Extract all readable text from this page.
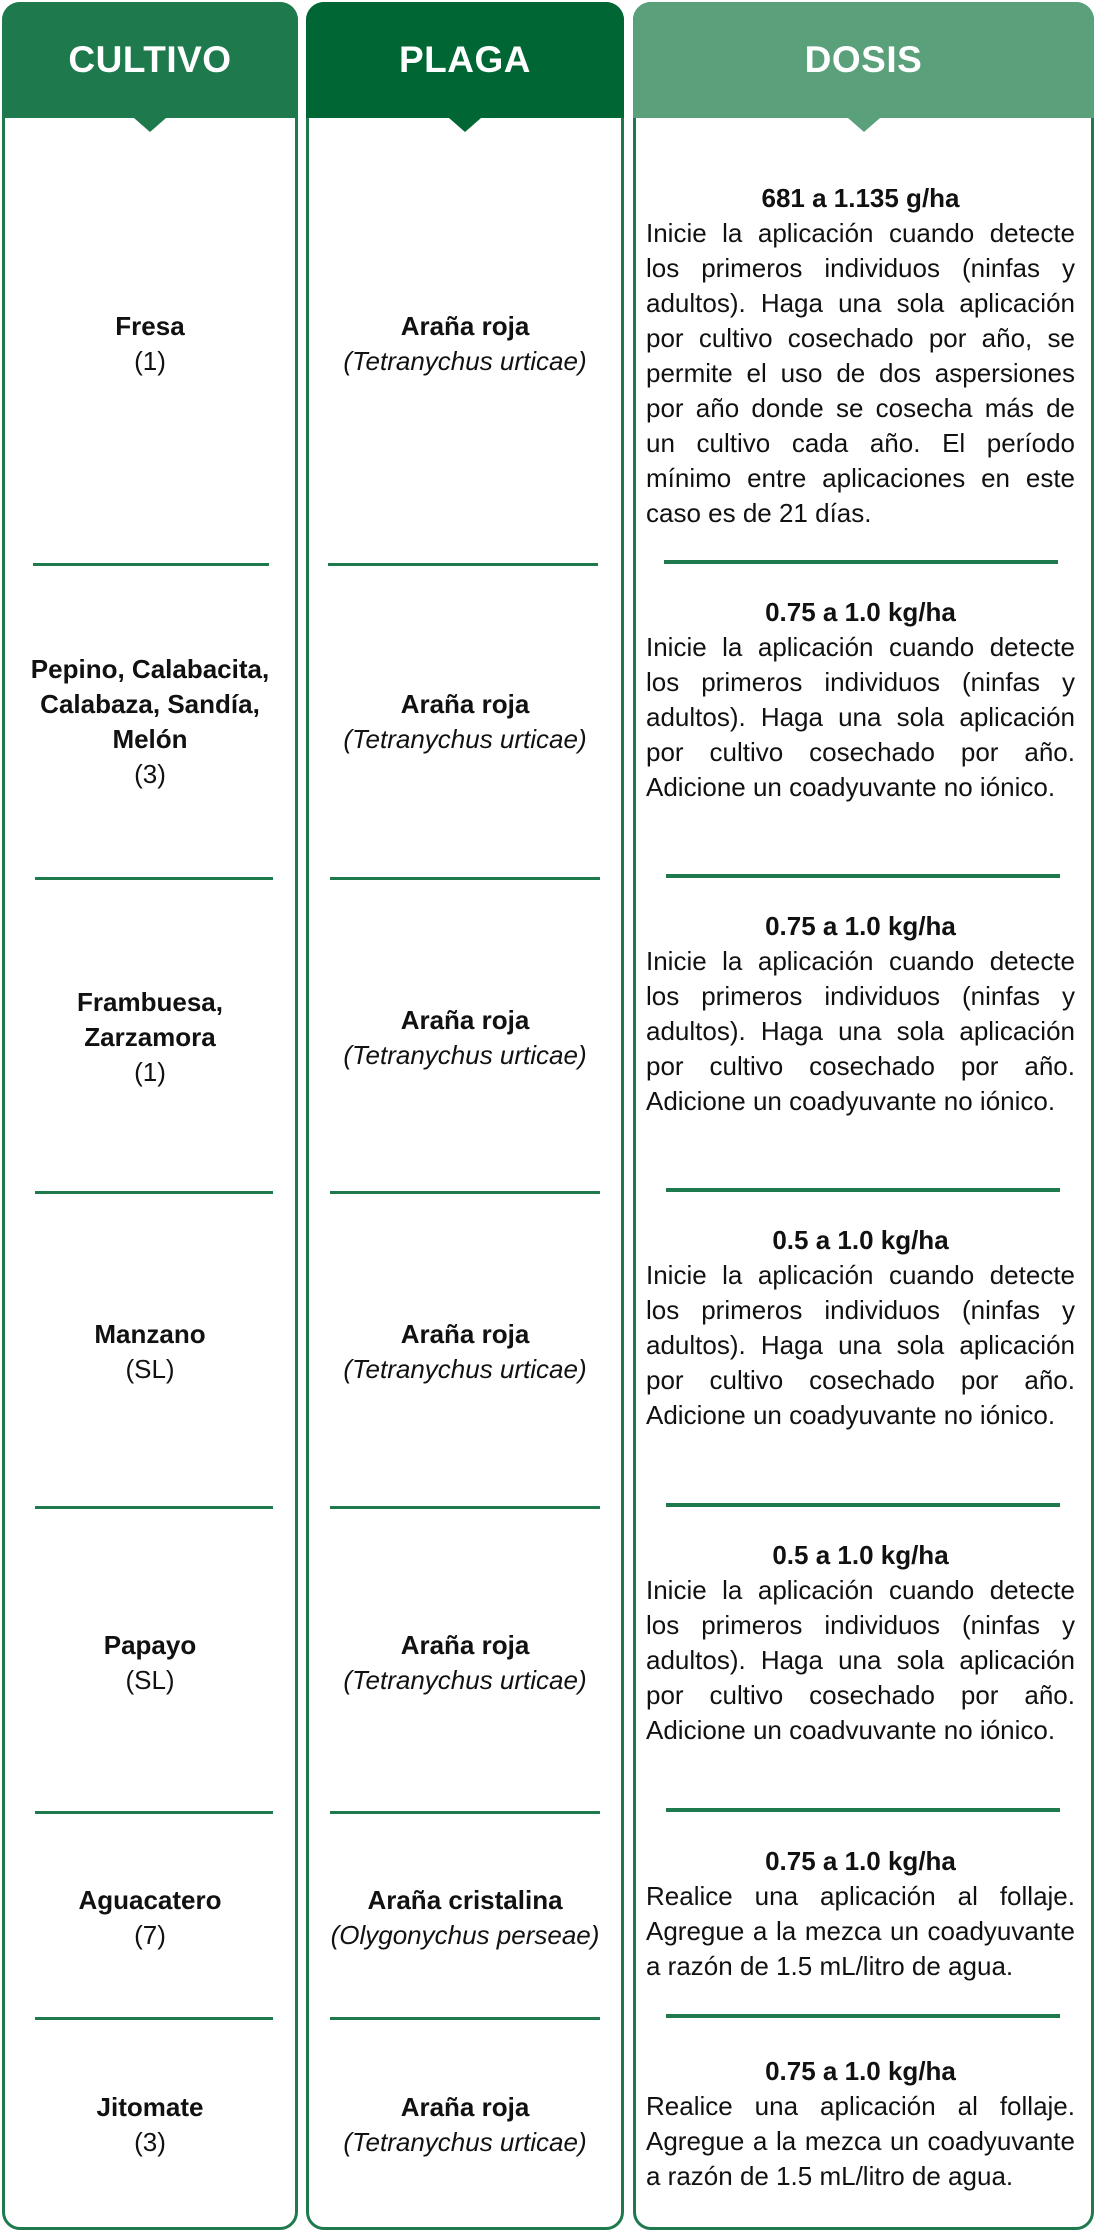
CULTIVO
Fresa
(1)
Pepino, Calabacita, Calabaza, Sandía, Melón
(3)
Frambuesa, Zarzamora
(1)
Manzano
(SL)
Papayo
(SL)
Aguacatero
(7)
Jitomate
(3)
PLAGA
Araña roja
(Tetranychus urticae)
Araña roja
(Tetranychus urticae)
Araña roja
(Tetranychus urticae)
Araña roja
(Tetranychus urticae)
Araña roja
(Tetranychus urticae)
Araña cristalina
(Olygonychus perseae)
Araña roja
(Tetranychus urticae)
DOSIS
681 a 1.135 g/ha
Inicie la aplicación cuando detecte los primeros individuos (ninfas y adultos). Haga una sola aplicación por cultivo cosechado por año, se permite el uso de dos aspersiones por año donde se cosecha más de un cultivo cada año. El período mínimo entre aplicaciones en este caso es de 21 días.
0.75 a 1.0 kg/ha
Inicie la aplicación cuando detecte los primeros individuos (ninfas y adultos). Haga una sola aplicación por cultivo cosechado por año. Adicione un coadyuvante no iónico.
0.75 a 1.0 kg/ha
Inicie la aplicación cuando detecte los primeros individuos (ninfas y adultos). Haga una sola aplicación por cultivo cosechado por año. Adicione un coadyuvante no iónico.
0.5 a 1.0 kg/ha
Inicie la aplicación cuando detecte los primeros individuos (ninfas y adultos). Haga una sola aplicación por cultivo cosechado por año. Adicione un coadyuvante no iónico.
0.5 a 1.0 kg/ha
Inicie la aplicación cuando detecte los primeros individuos (ninfas y adultos). Haga una sola aplicación por cultivo cosechado por año. Adicione un coadvuvante no iónico.
0.75 a 1.0 kg/ha
Realice una aplicación al follaje. Agregue a la mezca un coadyuvante a razón de 1.5 mL/litro de agua.
0.75 a 1.0 kg/ha
Realice una aplicación al follaje. Agregue a la mezca un coadyuvante a razón de 1.5 mL/litro de agua.
